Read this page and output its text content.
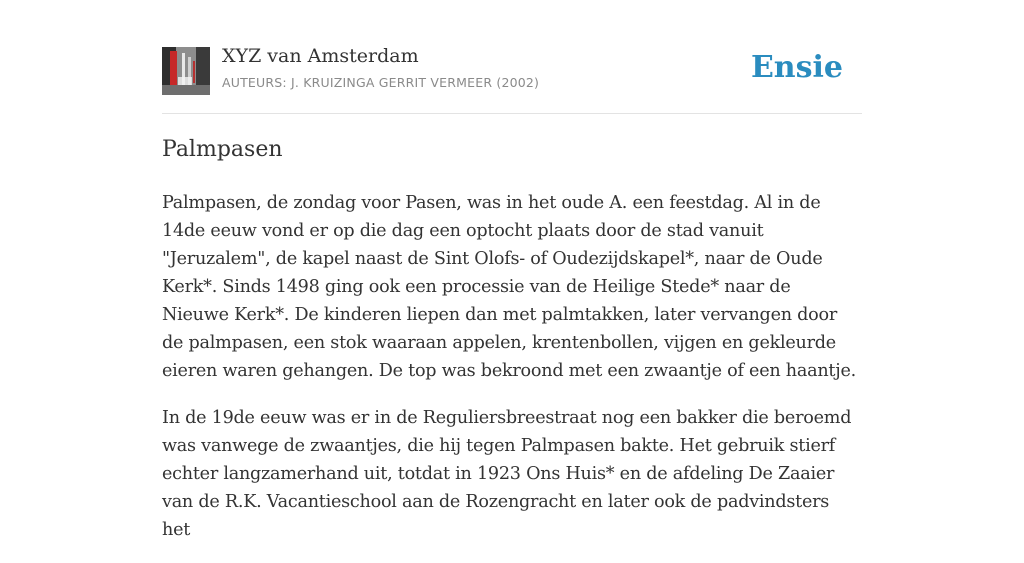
XYZ van Amsterdam
AUTEURS: J. KRUIZINGA GERRIT VERMEER (2002)	Ensie
Palmpasen

Palmpasen, de zondag voor Pasen, was in het oude A. een feestdag. Al in de 14de eeuw vond er op die dag een optocht plaats door de stad vanuit "Jeruzalem", de kapel naast de Sint Olofs- of Oudezijdskapel*, naar de Oude Kerk*. Sinds 1498 ging ook een processie van de Heilige Stede* naar de Nieuwe Kerk*. De kinderen liepen dan met palmtakken, later vervangen door de palmpasen, een stok waaraan appelen, krentenbollen, vijgen en gekleurde eieren waren gehangen. De top was bekroond met een zwaantje of een haantje.

In de 19de eeuw was er in de Reguliersbreestraat nog een bakker die beroemd was vanwege de zwaantjes, die hij tegen Palmpasen bakte. Het gebruik stierf echter langzamerhand uit, totdat in 1923 Ons Huis* en de afdeling De Zaaier van de R.K. Vacantieschool aan de Rozengracht en later ook de padvindsters het
